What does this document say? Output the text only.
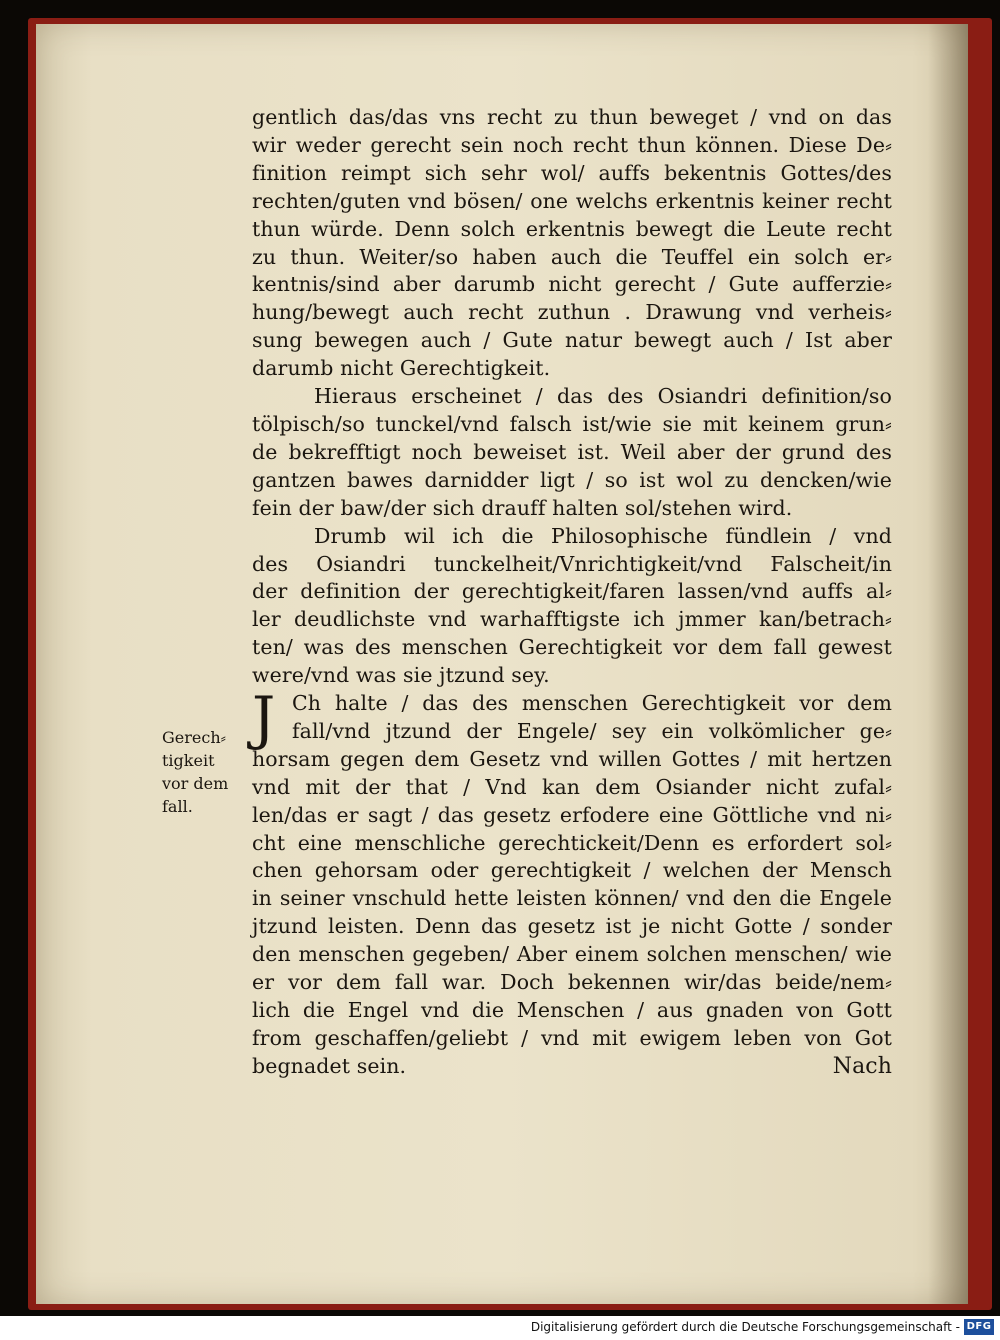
Gerech⸗
tigkeit
vor dem
fall.
gentlich das/das vns recht zu thun beweget / vnd on das
wir weder gerecht sein noch recht thun können. Diese De⸗
finition reimpt sich sehr wol/ auffs bekentnis Gottes/des
rechten/guten vnd bösen/ one welchs erkentnis keiner recht
thun würde. Denn solch erkentnis bewegt die Leute recht
zu thun. Weiter/so haben auch die Teuffel ein solch er⸗
kentnis/sind aber darumb nicht gerecht / Gute aufferzie⸗
hung/bewegt auch recht zuthun . Drawung vnd verheis⸗
sung bewegen auch / Gute natur bewegt auch / Ist aber
darumb nicht Gerechtigkeit.
Hieraus erscheinet / das des Osiandri definition/so
tölpisch/so tunckel/vnd falsch ist/wie sie mit keinem grun⸗
de bekrefftigt noch beweiset ist. Weil aber der grund des
gantzen bawes darnidder ligt / so ist wol zu dencken/wie
fein der baw/der sich drauff halten sol/stehen wird.
Drumb wil ich die Philosophische fündlein / vnd
des Osiandri tunckelheit/Vnrichtigkeit/vnd Falscheit/in
der definition der gerechtigkeit/faren lassen/vnd auffs al⸗
ler deudlichste vnd warhafftigste ich jmmer kan/betrach⸗
ten/ was des menschen Gerechtigkeit vor dem fall gewest
were/vnd was sie jtzund sey.
J Ch halte / das des menschen Gerechtigkeit vor dem
fall/vnd jtzund der Engele/ sey ein volkömlicher ge⸗
horsam gegen dem Gesetz vnd willen Gottes / mit hertzen
vnd mit der that / Vnd kan dem Osiander nicht zufal⸗
len/das er sagt / das gesetz erfodere eine Göttliche vnd ni⸗
cht eine menschliche gerechtickeit/Denn es erfordert sol⸗
chen gehorsam oder gerechtigkeit / welchen der Mensch
in seiner vnschuld hette leisten können/ vnd den die Engele
jtzund leisten. Denn das gesetz ist je nicht Gotte / sonder
den menschen gegeben/ Aber einem solchen menschen/ wie
er vor dem fall war. Doch bekennen wir/das beide/nem⸗
lich die Engel vnd die Menschen / aus gnaden von Gott
from geschaffen/geliebt / vnd mit ewigem leben von Got
begnadet sein.	Nach
Digitalisierung gefördert durch die Deutsche Forschungsgemeinschaft - DFG
